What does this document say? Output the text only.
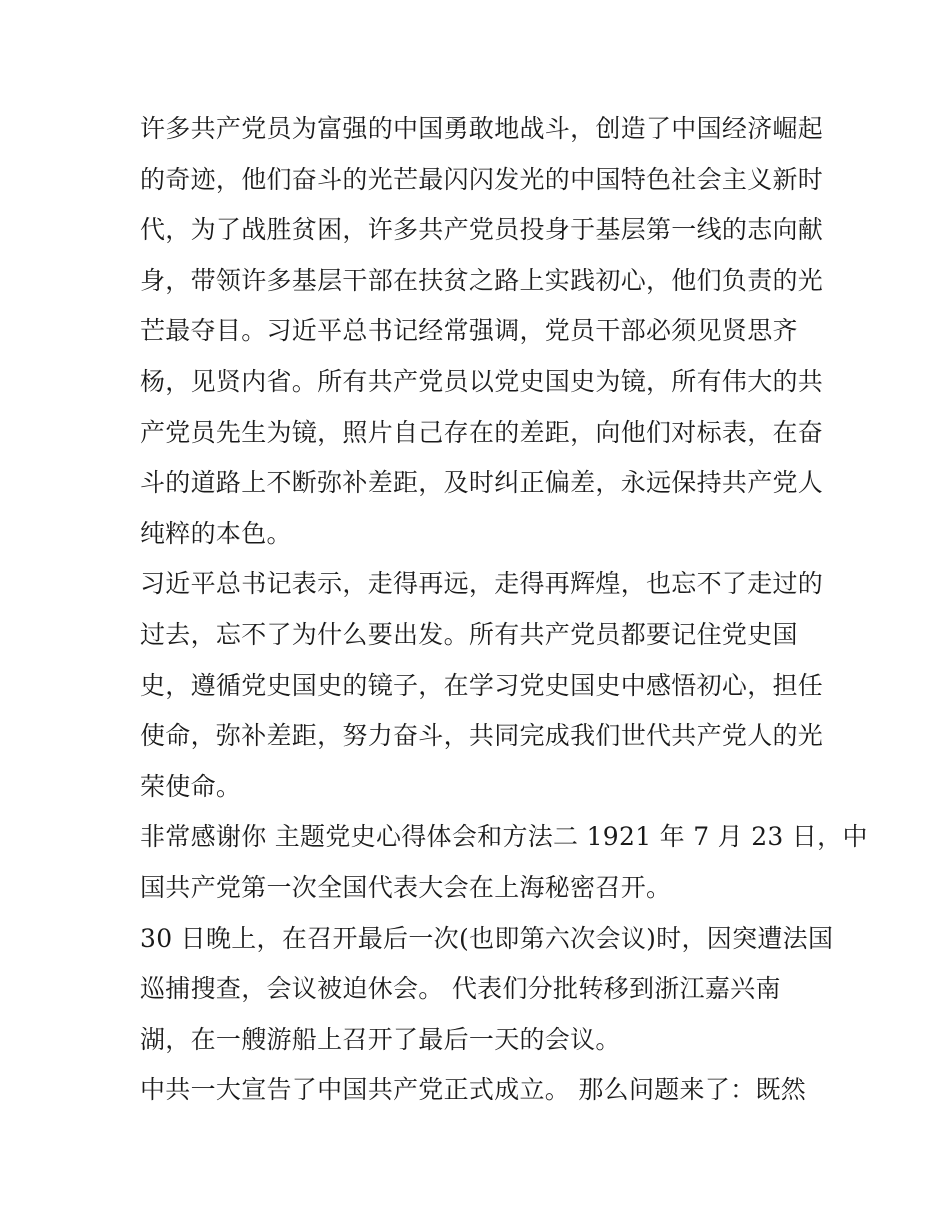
许多共产党员为富强的中国勇敢地战斗，创造了中国经济崛起
的奇迹，他们奋斗的光芒最闪闪发光的中国特色社会主义新时
代，为了战胜贫困，许多共产党员投身于基层第一线的志向献
身，带领许多基层干部在扶贫之路上实践初心，他们负责的光
芒最夺目。习近平总书记经常强调，党员干部必须见贤思齐
杨，见贤内省。所有共产党员以党史国史为镜，所有伟大的共
产党员先生为镜，照片自己存在的差距，向他们对标表，在奋
斗的道路上不断弥补差距，及时纠正偏差，永远保持共产党人
纯粹的本色。
习近平总书记表示，走得再远，走得再辉煌，也忘不了走过的
过去，忘不了为什么要出发。所有共产党员都要记住党史国
史，遵循党史国史的镜子，在学习党史国史中感悟初心，担任
使命，弥补差距，努力奋斗，共同完成我们世代共产党人的光
荣使命。
非常感谢你 主题党史心得体会和方法二 1921 年 7 月 23 日，中
国共产党第一次全国代表大会在上海秘密召开。
30 日晚上，在召开最后一次(也即第六次会议)时，因突遭法国
巡捕搜查，会议被迫休会。 代表们分批转移到浙江嘉兴南
湖，在一艘游船上召开了最后一天的会议。
中共一大宣告了中国共产党正式成立。 那么问题来了：既然
